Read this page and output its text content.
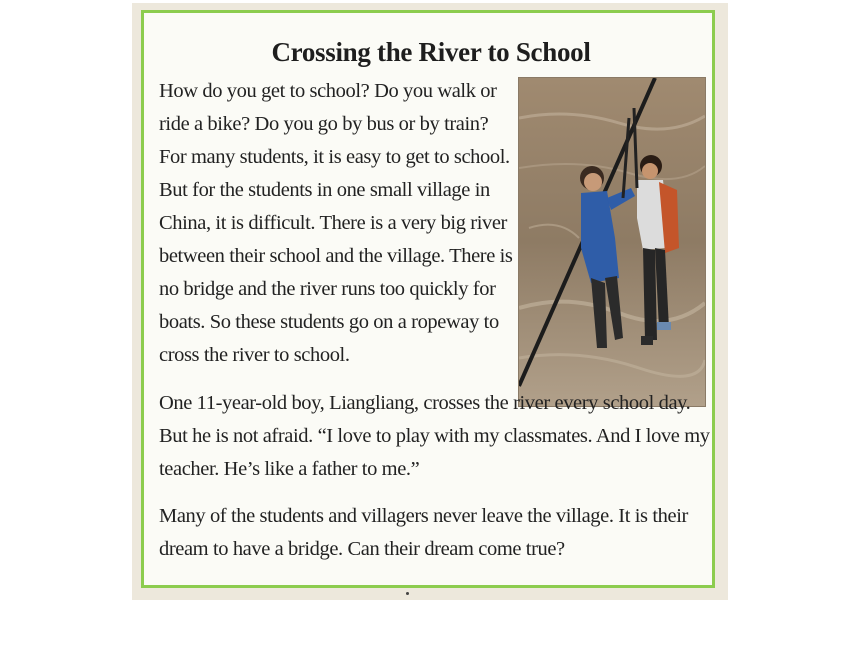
Crossing the River to School

How do you get to school? Do you walk or ride a bike? Do you go by bus or by train? For many students, it is easy to get to school. But for the students in one small village in China, it is difficult. There is a very big river between their school and the village. There is no bridge and the river runs too quickly for boats. So these students go on a ropeway to cross the river to school.

One 11-year-old boy, Liangliang, crosses the river every school day. But he is not afraid. “I love to play with my classmates. And I love my teacher. He’s like a father to me.”

Many of the students and villagers never leave the village. It is their dream to have a bridge. Can their dream come true?
